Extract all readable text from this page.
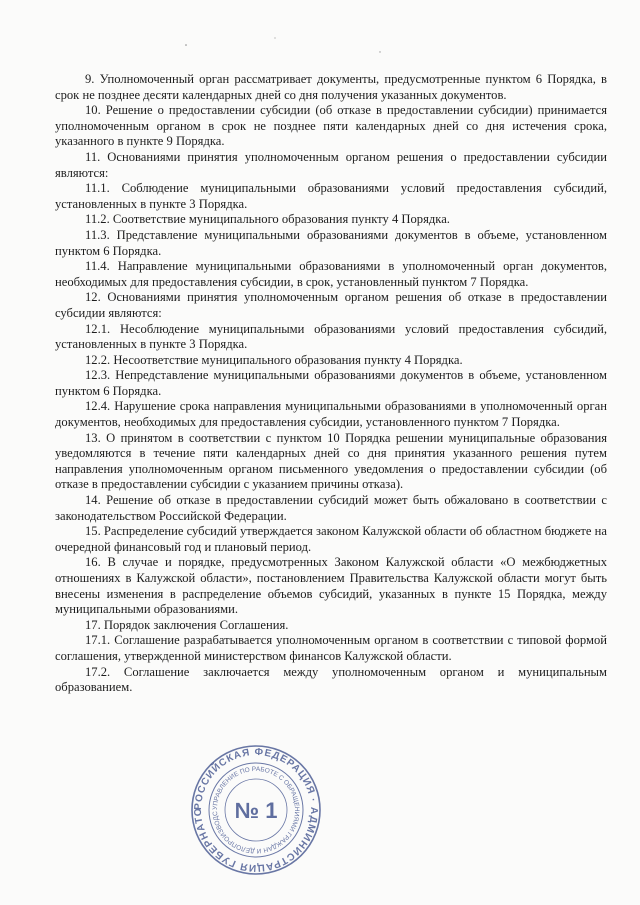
9. Уполномоченный орган рассматривает документы, предусмотренные пунктом 6 Порядка, в срок не позднее десяти календарных дней со дня получения указанных документов.

10. Решение о предоставлении субсидии (об отказе в предоставлении субсидии) принимается уполномоченным органом в срок не позднее пяти календарных дней со дня истечения срока, указанного в пункте 9 Порядка.

11. Основаниями принятия уполномоченным органом решения о предоставлении субсидии являются:

11.1. Соблюдение муниципальными образованиями условий предоставления субсидий, установленных в пункте 3 Порядка.

11.2. Соответствие муниципального образования пункту 4 Порядка.

11.3. Представление муниципальными образованиями документов в объеме, установленном пунктом 6 Порядка.

11.4. Направление муниципальными образованиями в уполномоченный орган документов, необходимых для предоставления субсидии, в срок, установленный пунктом 7 Порядка.

12. Основаниями принятия уполномоченным органом решения об отказе в предоставлении субсидии являются:

12.1. Несоблюдение муниципальными образованиями условий предоставления субсидий, установленных в пункте 3 Порядка.

12.2. Несоответствие муниципального образования пункту 4 Порядка.

12.3. Непредставление муниципальными образованиями документов в объеме, установленном пунктом 6 Порядка.

12.4. Нарушение срока направления муниципальными образованиями в уполномоченный орган документов, необходимых для предоставления субсидии, установленного пунктом 7 Порядка.

13. О принятом в соответствии с пунктом 10 Порядка решении муниципальные образования уведомляются в течение пяти календарных дней со дня принятия указанного решения путем направления уполномоченным органом письменного уведомления о предоставлении субсидии (об отказе в предоставлении субсидии с указанием причины отказа).

14. Решение об отказе в предоставлении субсидий может быть обжаловано в соответствии с законодательством Российской Федерации.

15. Распределение субсидий утверждается законом Калужской области об областном бюджете на очередной финансовый год и плановый период.

16. В случае и порядке, предусмотренных Законом Калужской области «О межбюджетных отношениях в Калужской области», постановлением Правительства Калужской области могут быть внесены изменения в распределение объемов субсидий, указанных в пункте 15 Порядка, между муниципальными образованиями.

17. Порядок заключения Соглашения.

17.1. Соглашение разрабатывается уполномоченным органом в соответствии с типовой формой соглашения, утвержденной министерством финансов Калужской области.

17.2. Соглашение заключается между уполномоченным органом и муниципальным образованием.

РОССИЙСКАЯ ФЕДЕРАЦИЯ · АДМИНИСТРАЦИЯ ГУБЕРНАТО	УПРАВЛЕНИЕ ПО РАБОТЕ С ОБРАЩЕНИЯМИ ГРАЖДАН И ДЕЛОПРОИЗВОДС № 1
